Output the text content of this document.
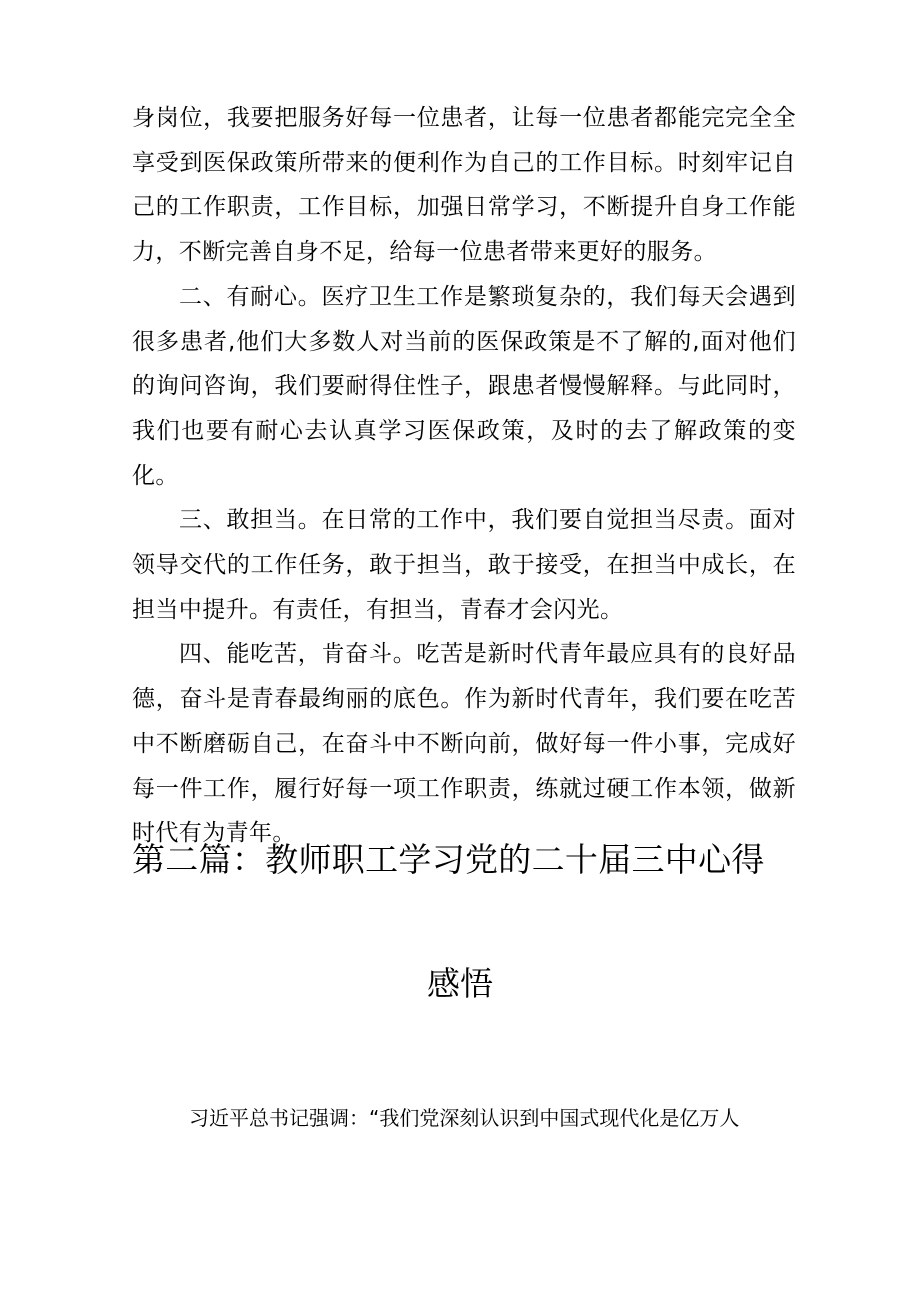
身岗位，我要把服务好每一位患者，让每一位患者都能完完全全享受到医保政策所带来的便利作为自己的工作目标。时刻牢记自己的工作职责，工作目标，加强日常学习，不断提升自身工作能力，不断完善自身不足，给每一位患者带来更好的服务。

二、有耐心。医疗卫生工作是繁琐复杂的，我们每天会遇到很多患者,他们大多数人对当前的医保政策是不了解的,面对他们的询问咨询，我们要耐得住性子，跟患者慢慢解释。与此同时，我们也要有耐心去认真学习医保政策，及时的去了解政策的变化。

三、敢担当。在日常的工作中，我们要自觉担当尽责。面对领导交代的工作任务，敢于担当，敢于接受，在担当中成长，在担当中提升。有责任，有担当，青春才会闪光。

四、能吃苦，肯奋斗。吃苦是新时代青年最应具有的良好品德，奋斗是青春最绚丽的底色。作为新时代青年，我们要在吃苦中不断磨砺自己，在奋斗中不断向前，做好每一件小事，完成好每一件工作，履行好每一项工作职责，练就过硬工作本领，做新时代有为青年。

第二篇：教师职工学习党的二十届三中心得
感悟
习近平总书记强调：“我们党深刻认识到中国式现代化是亿万人
